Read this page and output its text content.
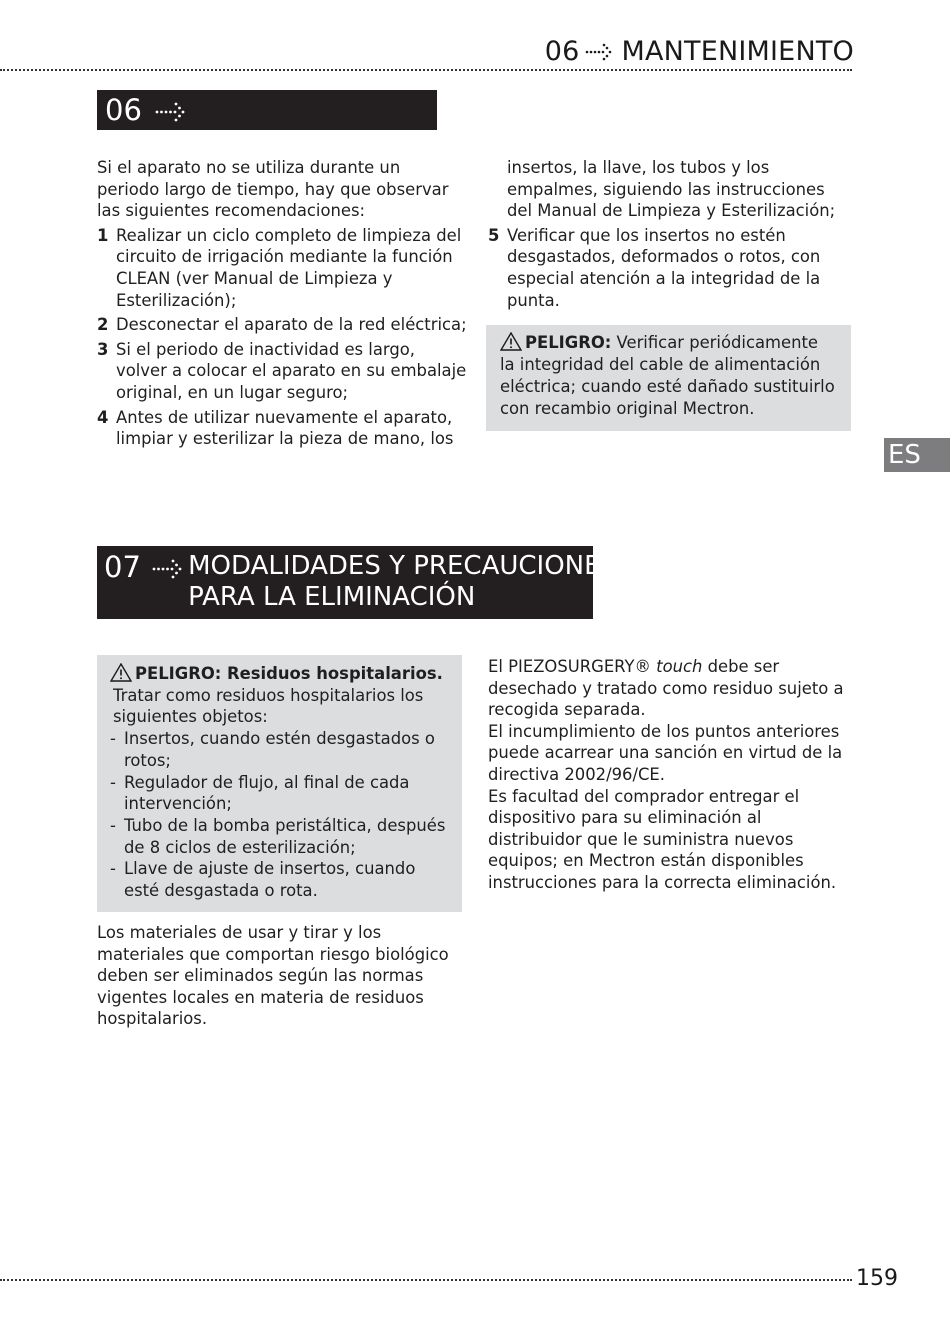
06 MANTENIMIENTO
06  MANTENIMIENTO

Si el aparato no se utiliza durante un periodo largo de tiempo, hay que observar las siguientes recomendaciones:

1 Realizar un ciclo completo de limpieza del circuito de irrigación mediante la función CLEAN (ver Manual de Limpieza y Esterilización);
2 Desconectar el aparato de la red eléctrica;
3 Si el periodo de inactividad es largo, volver a colocar el aparato en su embalaje original, en un lugar seguro;
4 Antes de utilizar nuevamente el aparato, limpiar y esterilizar la pieza de mano, los

insertos, la llave, los tubos y los empalmes, siguiendo las instrucciones del Manual de Limpieza y Esterilización;

5 Verificar que los insertos no estén desgastados, deformados o rotos, con especial atención a la integridad de la punta.
PELIGRO: Verificar periódicamente la integridad del cable de alimentación eléctrica; cuando esté dañado sustituirlo con recambio original Mectron.
ES
07	MODALIDADES Y PRECAUCIONES
PARA LA ELIMINACIÓN
PELIGRO: Residuos hospitalarios.
Tratar como residuos hospitalarios los siguientes objetos:
- Insertos, cuando estén desgastados o rotos;
- Regulador de flujo, al final de cada intervención;
- Tubo de la bomba peristáltica, después de 8 ciclos de esterilización;
- Llave de ajuste de insertos, cuando esté desgastada o rota.

Los materiales de usar y tirar y los materiales que comportan riesgo biológico deben ser eliminados según las normas vigentes locales en materia de residuos hospitalarios.

El PIEZOSURGERY® touch debe ser desechado y tratado como residuo sujeto a recogida separada.

El incumplimiento de los puntos anteriores puede acarrear una sanción en virtud de la directiva 2002/96/CE.

Es facultad del comprador entregar el dispositivo para su eliminación al distribuidor que le suministra nuevos equipos; en Mectron están disponibles instrucciones para la correcta eliminación.

159
